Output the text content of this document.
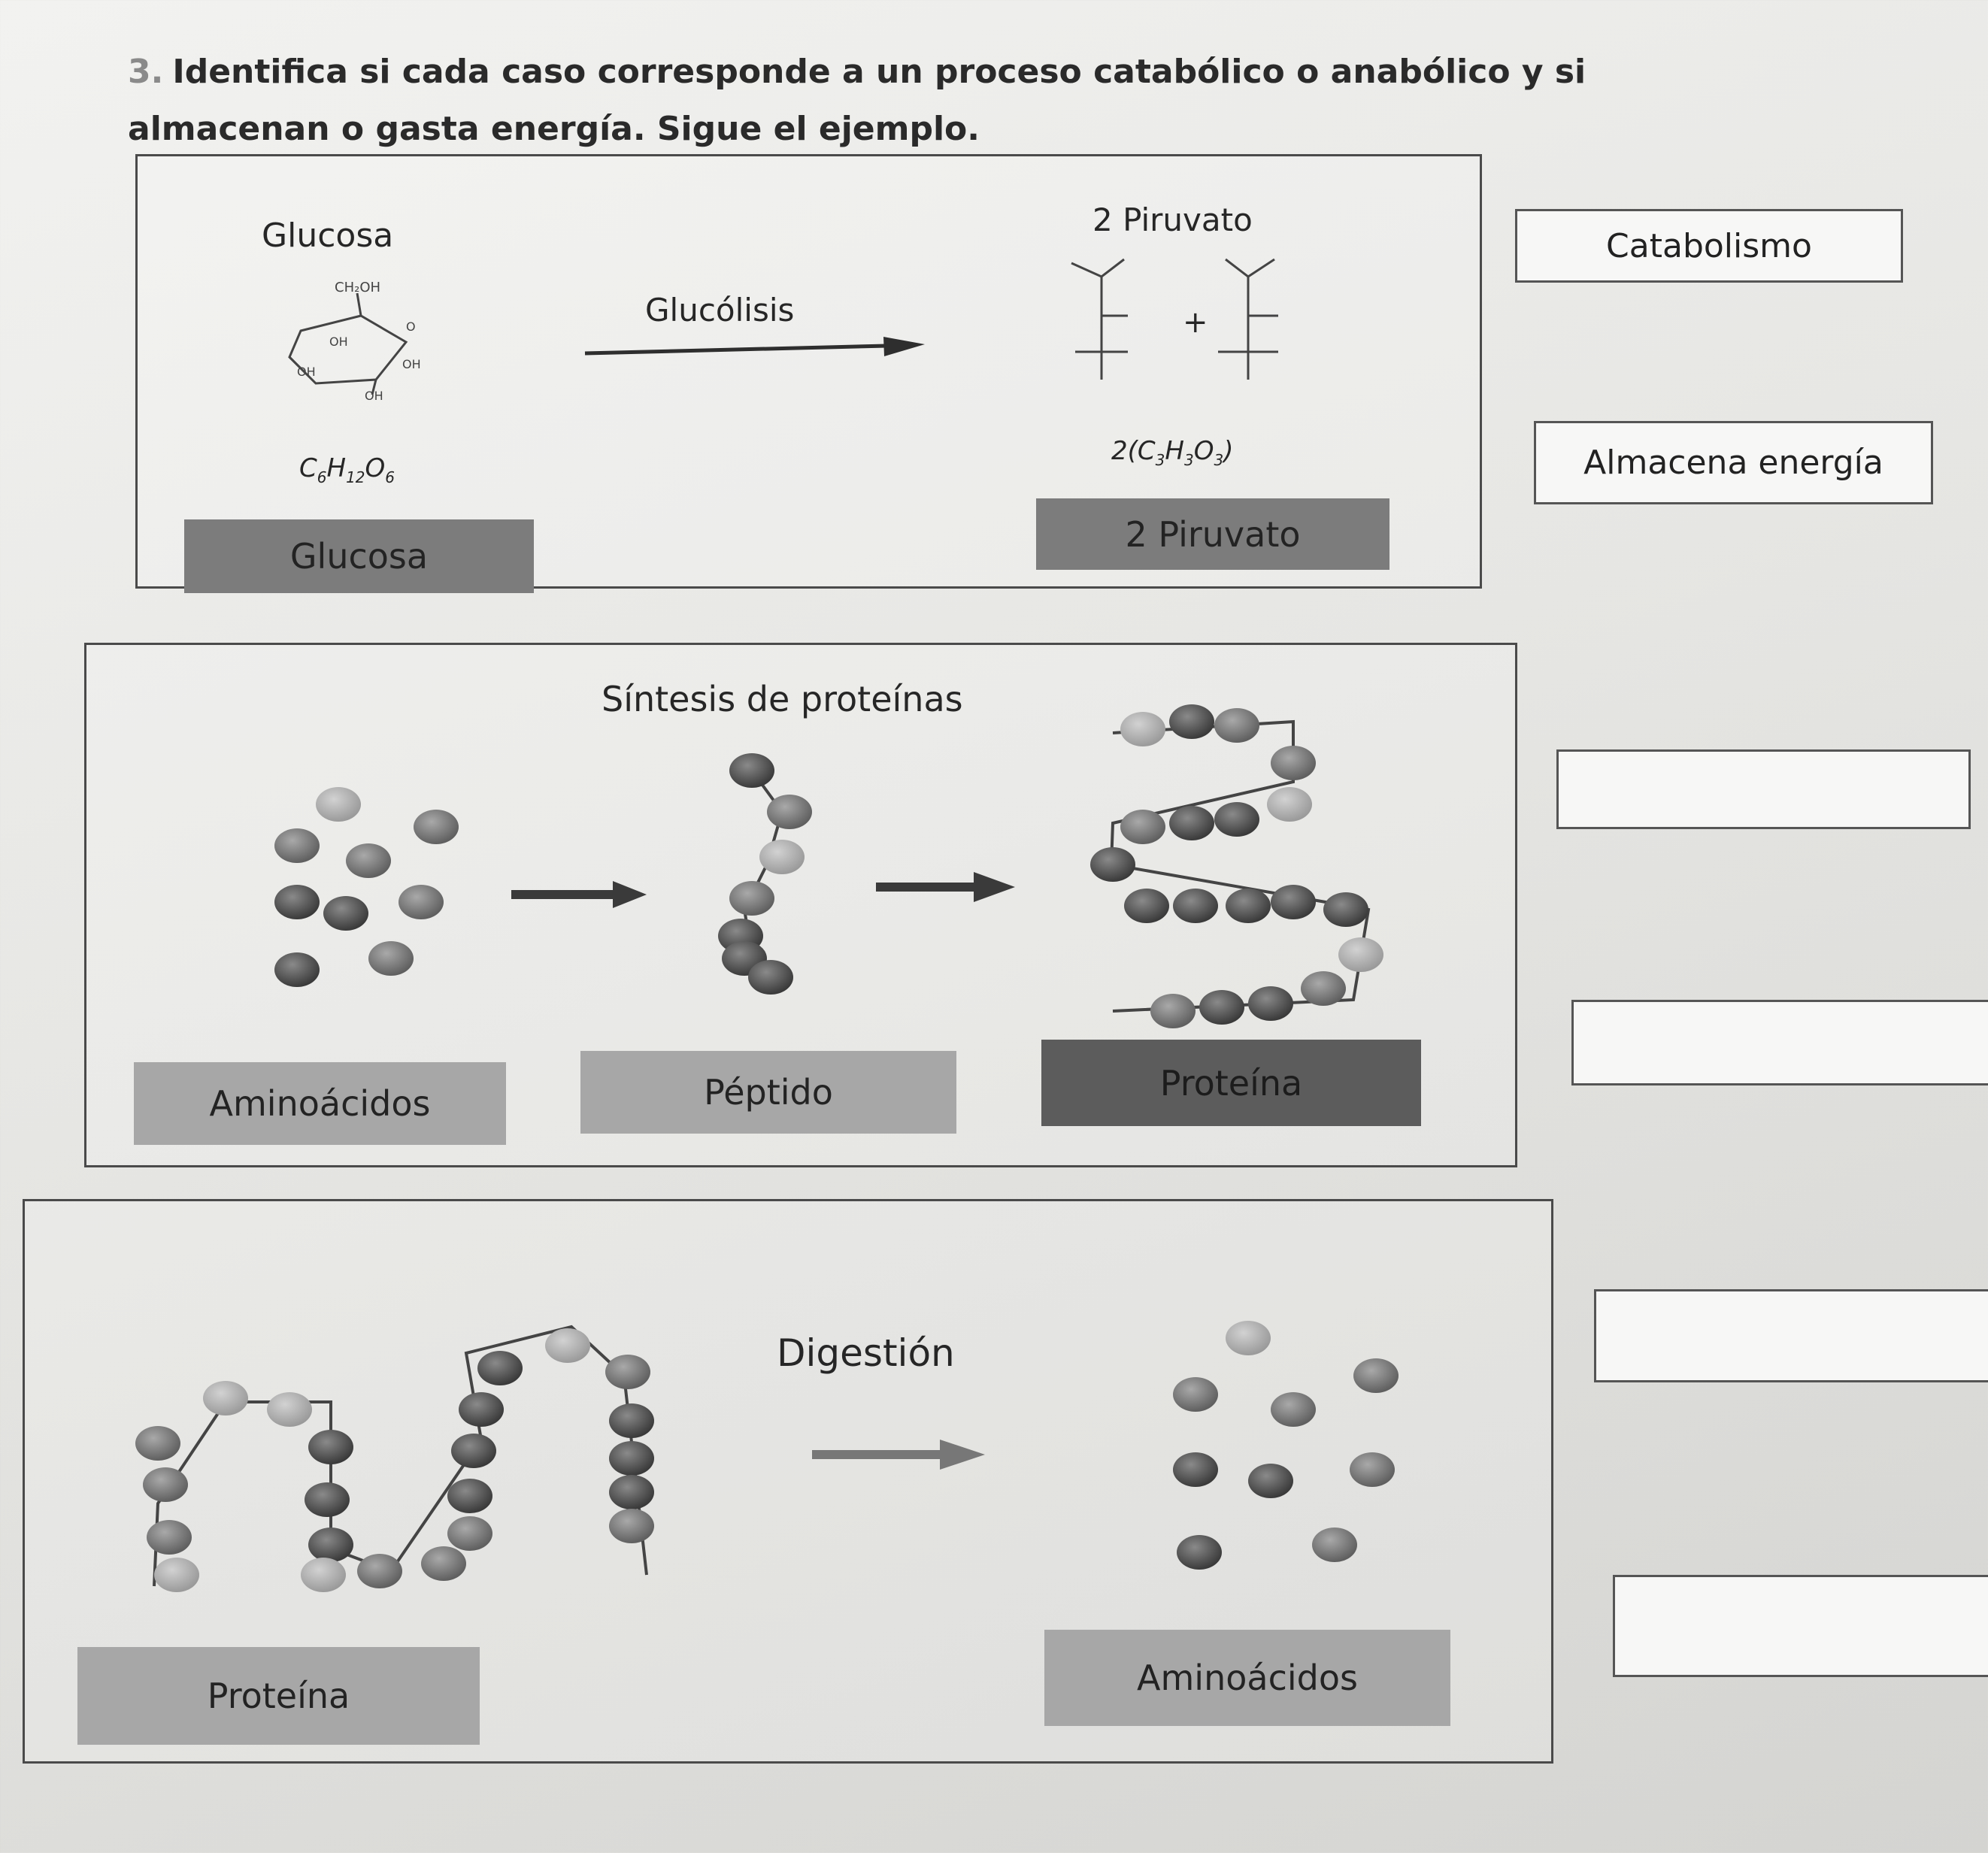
3. Identifica si cada caso corresponde a un proceso catabólico o anabólico y si almacenan o gasta energía. Sigue el ejemplo.
Glucosa
Glucólisis
2 Piruvato
+
$C_6H_{12}O_6$
$2(C_3H_3O_3)$
Glucosa
2 Piruvato
Síntesis de proteínas
Aminoácidos	Péptido	Proteína
Digestión
Proteína	Aminoácidos
Catabolismo
Almacena energía
CH₂OH
OH
OH
OH
OH
O
